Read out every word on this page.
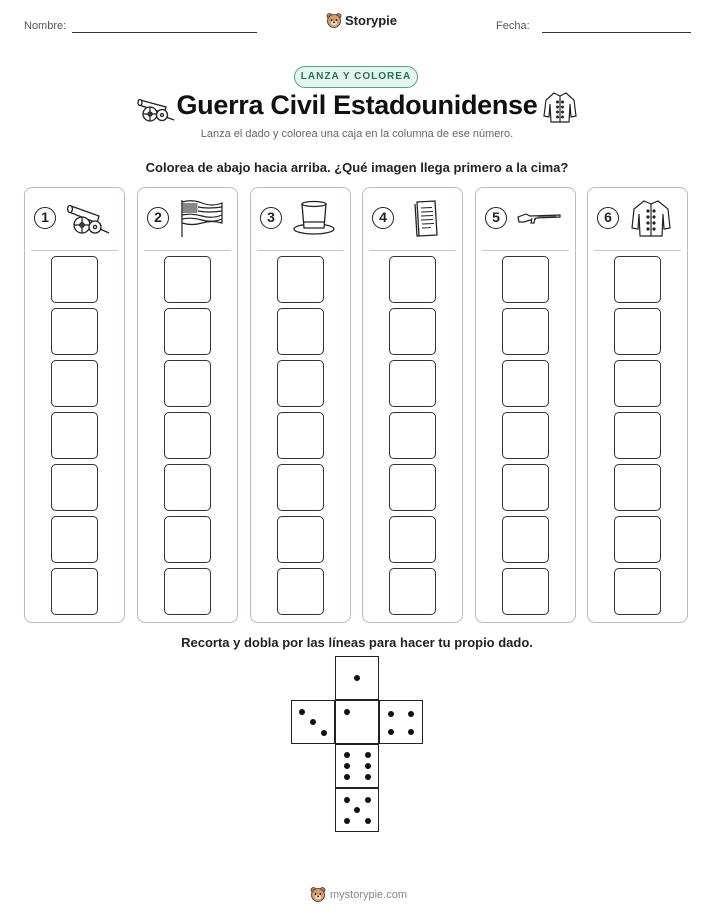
Nombre:	Storypie	Fecha:
LANZA Y COLOREA
Guerra Civil Estadounidense
Lanza el dado y colorea una caja en la columna de ese número.
Colorea de abajo hacia arriba. ¿Qué imagen llega primero a la cima?
1	2	3	4	5	6
Recorta y dobla por las líneas para hacer tu propio dado.
mystorypie.com
